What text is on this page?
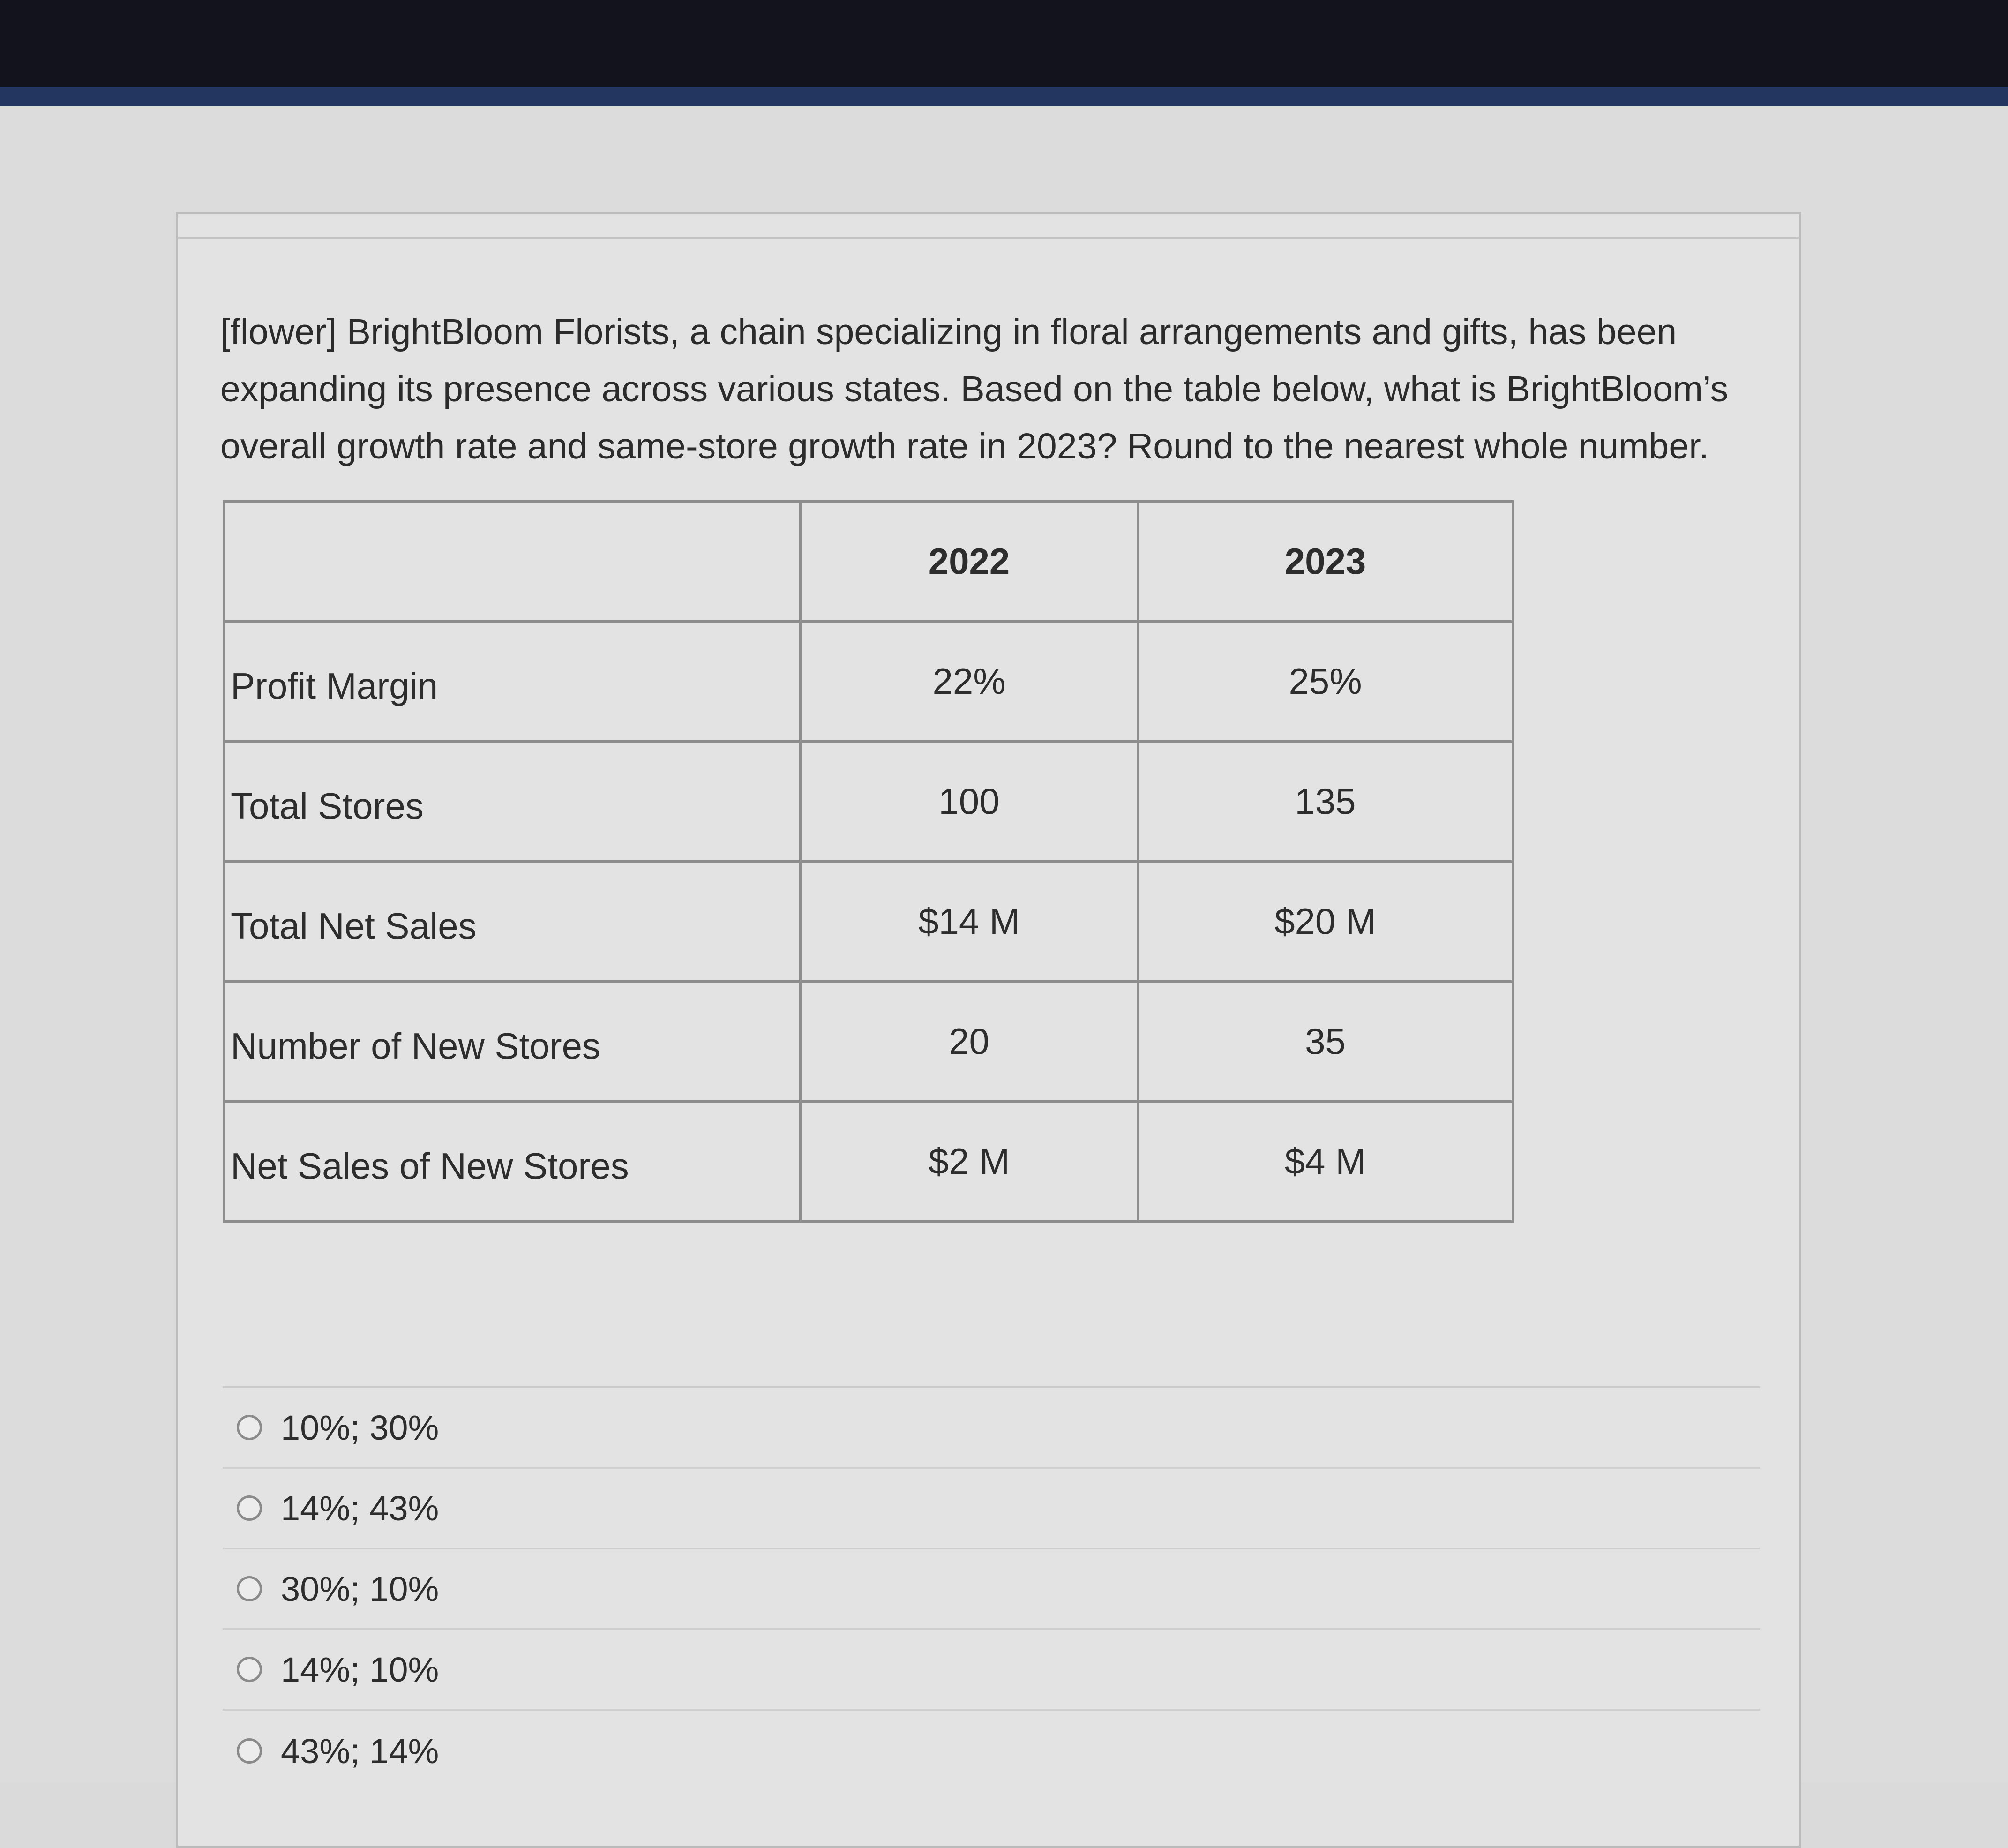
[flower] BrightBloom Florists, a chain specializing in floral arrangements and gifts, has been expanding its presence across various states. Based on the table below, what is BrightBloom’s overall growth rate and same-store growth rate in 2023? Round to the nearest whole number.

	2022	2023
Profit Margin	22%	25%
Total Stores	100	135
Total Net Sales	$14 M	$20 M
Number of New Stores	20	35
Net Sales of New Stores	$2 M	$4 M
10%; 30%
14%; 43%
30%; 10%
14%; 10%
43%; 14%
